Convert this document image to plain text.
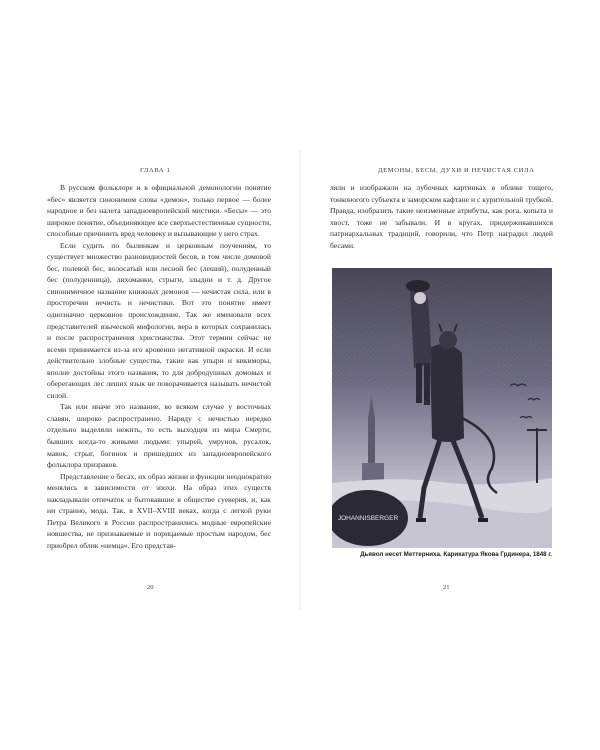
ГЛАВА 1

В русском фольклоре и в официальной демонологии понятие «бес» является синонимом слова «демон», только первое — более народное и без налета западноевропейской мистики. «Бесы» — это широкое понятие, объединяющее все сверхъестественные сущности, способные причинить вред человеку и вызывающие у него страх.

Если судить по былинкам и церковным поучениям, то существует множество разновидностей бесов, в том числе домовой бес, полевой бес, волосатый или лесной бес (леший), полуденный бес (полуденница), лихоманки, стрыги, злыдни и т. д. Другое синонимичное название книжных демонов — нечистая сила, или в просторечии нечисть и нечистики. Вот это понятие имеет однозначно церковное происхождение. Так же именовали всех представителей языческой мифологии, вера в которых сохранилась и после распространения христианства. Этот термин сейчас не всеми принимается из-за его кровенно негативной окраски. И если действительно злобные существа, такие как упыри и кикиморы, вполне достойны этого названия, то для добродушных домовых и оберегающих лес леших язык не поворачивается называть нечистой силой.

Так или иначе это название, во всяком случае у восточных славян, широко распространено. Наряду с нечистью нередко отдельно выделяли нежить, то есть выходцев из мира Смерти, бывших когда-то живыми людьми: упырей, умрунов, русалок, мавок, стрыг, богинок и пришедших из западноевропейского фольклора призраков.

Представление о бесах, их образ жизни и функции неоднократно менялись в зависимости от эпохи. На образ этих существ накладывали отпечаток и бытовавшие в обществе суеверия, и, как ни странно, мода. Так, в XVII–XVIII веках, когда с легкой руки Петра Великого в России распространились модные европейские новшества, не признаваемые и порицаемые простым народом, бес приобрел облик «немца». Его представ-

20
ДЕМОНЫ, БЕСЫ, ДУХИ И НЕЧИСТАЯ СИЛА

ляли и изображали на лубочных картинках в облике тощего, тонконогого субъекта в заморском кафтане и с курительной трубкой. Правда, изобразить такие неизменные атрибуты, как рога, копыта и хвост, тоже не забывали. И в кругах, придерживавшихся патриархальных традиций, говорили, что Петр наградил людей бесами.

JOHANNISBERGER
Дьявол несет Меттерниха. Карикатура Якова Грдинера, 1848 г.
21
